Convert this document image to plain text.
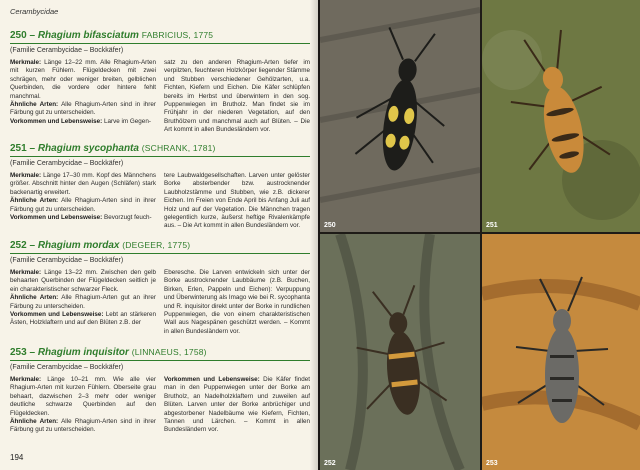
Cerambycidae
250 – Rhagium bifasciatum FABRICIUS, 1775
(Familie Cerambycidae – Bockkäfer)

Merkmale: Länge 12–22 mm. Alle Rhagium-Arten mit kurzen Fühlern. Flügeldecken mit zwei schrägen, mehr oder weniger breiten, gelblichen Querbinden, die vordere oder hintere fehlt manchmal.

Ähnliche Arten: Alle Rhagium-Arten sind in ihrer Färbung gut zu unterscheiden.

Vorkommen und Lebensweise: Larve im Gegen-

satz zu den anderen Rhagium-Arten tiefer im verpilzten, feuchteren Holzkörper liegender Stämme und Stubben verschiedener Gehölzarten, u.a. Fichten, Kiefern und Eichen. Die Käfer schlüpfen bereits im Herbst und überwintern in den sog. Puppenwiegen im Brutholz. Man findet sie im Frühjahr in der niederen Vegetation, auf den Bruthölzern und manchmal auch auf Blüten. – Die Art kommt in allen Bundesländern vor.

251 – Rhagium sycophanta (SCHRANK, 1781)
(Familie Cerambycidae – Bockkäfer)

Merkmale: Länge 17–30 mm. Kopf des Männchens größer. Abschnitt hinter den Augen (Schläfen) stark backenartig erweitert.

Ähnliche Arten: Alle Rhagium-Arten sind in ihrer Färbung gut zu unterscheiden.

Vorkommen und Lebensweise: Bevorzugt feuch-

tere Laubwaldgesellschaften. Larven unter gelöster Borke absterbender bzw. austrocknender Laubholzstämme und Stubben, wie z.B. dickerer Eichen. Im Freien von Ende April bis Anfang Juli auf Holz und auf der Vegetation. Die Männchen tragen gelegentlich kurze, äußerst heftige Rivalenkämpfe aus. – Die Art kommt in allen Bundesländern vor.

252 – Rhagium mordax (DEGEER, 1775)
(Familie Cerambycidae – Bockkäfer)

Merkmale: Länge 13–22 mm. Zwischen den gelb behaarten Querbinden der Flügeldecken seitlich je ein charakteristischer schwarzer Fleck.

Ähnliche Arten: Alle Rhagium-Arten gut an ihrer Färbung zu unterscheiden.

Vorkommen und Lebensweise: Lebt an stärkeren Ästen, Holzklaftern und auf den Blüten z.B. der

Eberesche. Die Larven entwickeln sich unter der Borke austrocknender Laubbäume (z.B. Buchen, Birken, Erlen, Pappeln und Eichen): Verpuppung und Überwinterung als Imago wie bei R. sycophanta und R. inquisitor direkt unter der Borke in rundlichen Puppenwiegen, die von einem charakteristischen Wall aus Nagespänen geschützt werden. – Kommt in allen Bundesländern vor.

253 – Rhagium inquisitor (LINNAEUS, 1758)
(Familie Cerambycidae – Bockkäfer)

Merkmale: Länge 10–21 mm. Wie alle vier Rhagium-Arten mit kurzen Fühlern. Oberseite grau behaart, dazwischen 2–3 mehr oder weniger deutliche schwarze Querbinden auf den Flügeldecken.

Ähnliche Arten: Alle Rhagium-Arten sind in ihrer Färbung gut zu unterscheiden.

Vorkommen und Lebensweise: Die Käfer findet man in den Puppenwiegen unter der Borke am Brutholz, an Nadelholzklaftern und zuweilen auf Blüten. Larven unter der Borke anbrüchiger und abgestorbener Nadelbäume wie Kiefern, Fichten, Tannen und Lärchen. – Kommt in allen Bundesländern vor.

194
250	251
252	253
